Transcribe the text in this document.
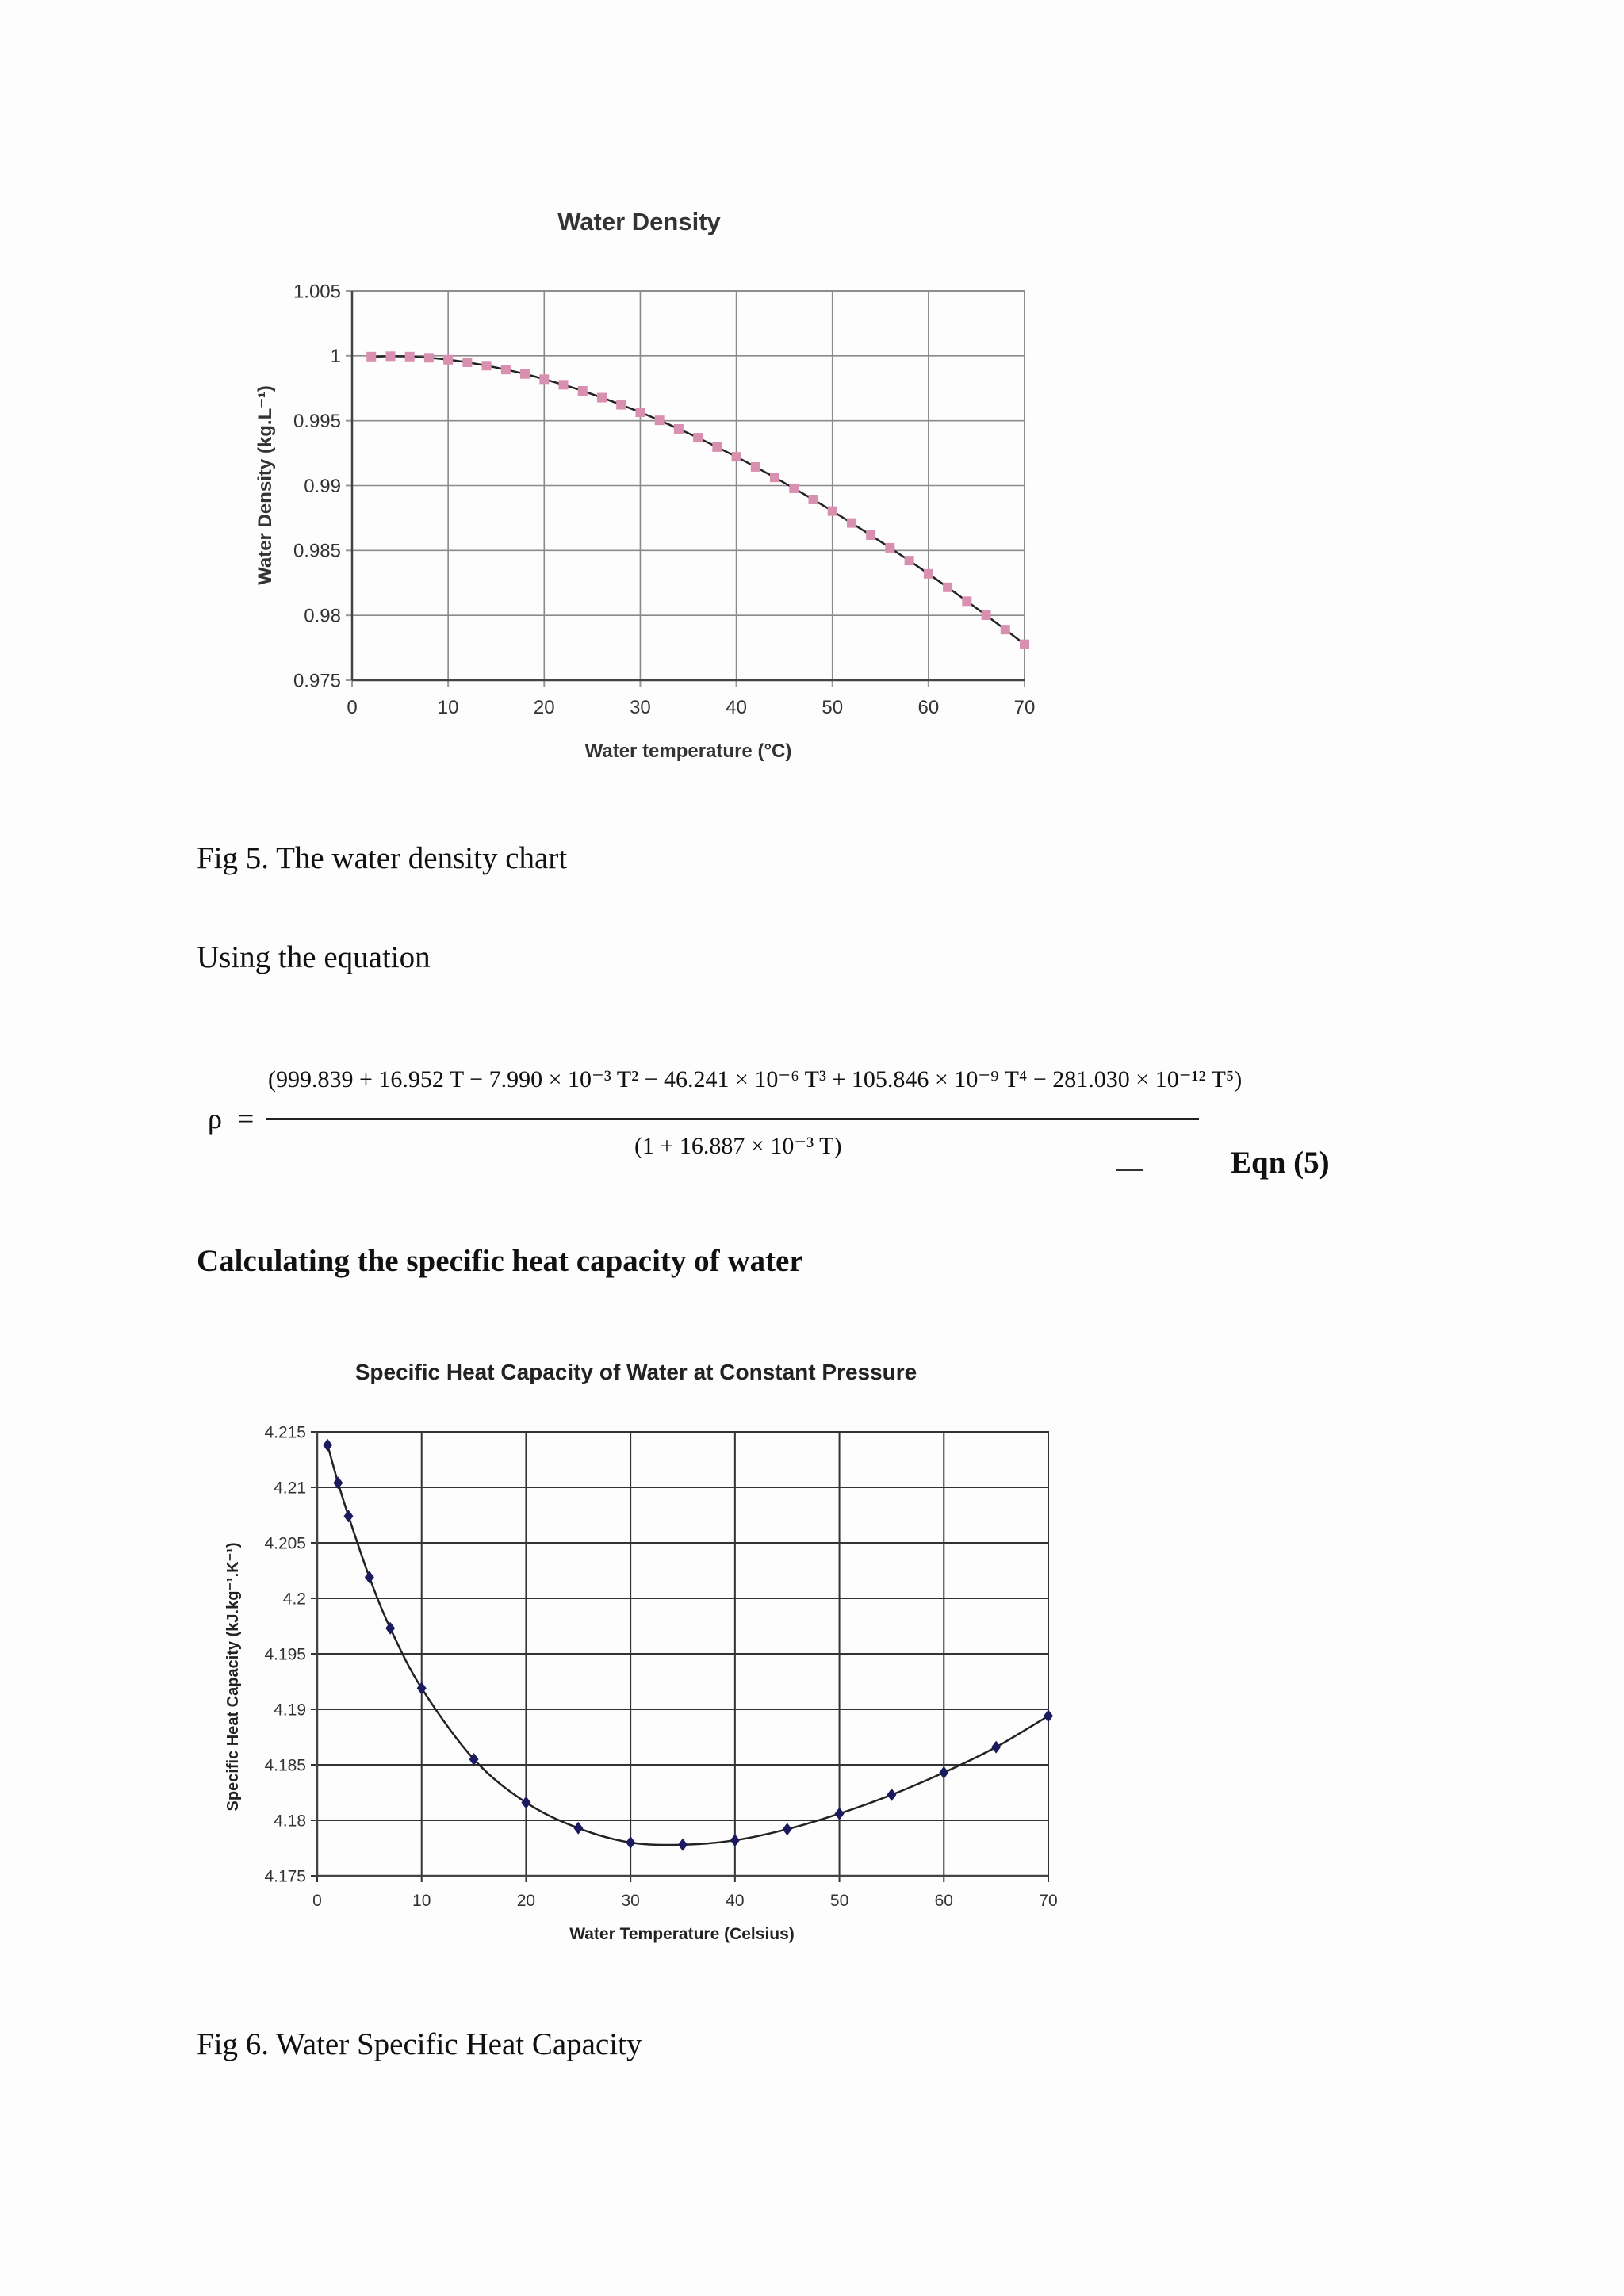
Water Density
0	10	20	30	40	50	60	70
0.975
0.98
0.985
0.99
0.995
1
1.005
Water temperature (°C)
Water Density (kg.L⁻¹)
Fig 5. The water density chart
Using the equation
ρ =
(999.839 + 16.952 T − 7.990 × 10⁻³ T² − 46.241 × 10⁻⁶ T³ + 105.846 × 10⁻⁹ T⁴ − 281.030 × 10⁻¹² T⁵)
(1 + 16.887 × 10⁻³ T)	Eqn (5)
Calculating the specific heat capacity of water
Specific Heat Capacity of Water at Constant Pressure
0	10	20	30	40	50	60	70
4.175
4.18
4.185
4.19
4.195
4.2
4.205
4.21
4.215
Water Temperature (Celsius)
Specific Heat Capacity (kJ.kg⁻¹.K⁻¹)
Fig 6. Water Specific Heat Capacity
